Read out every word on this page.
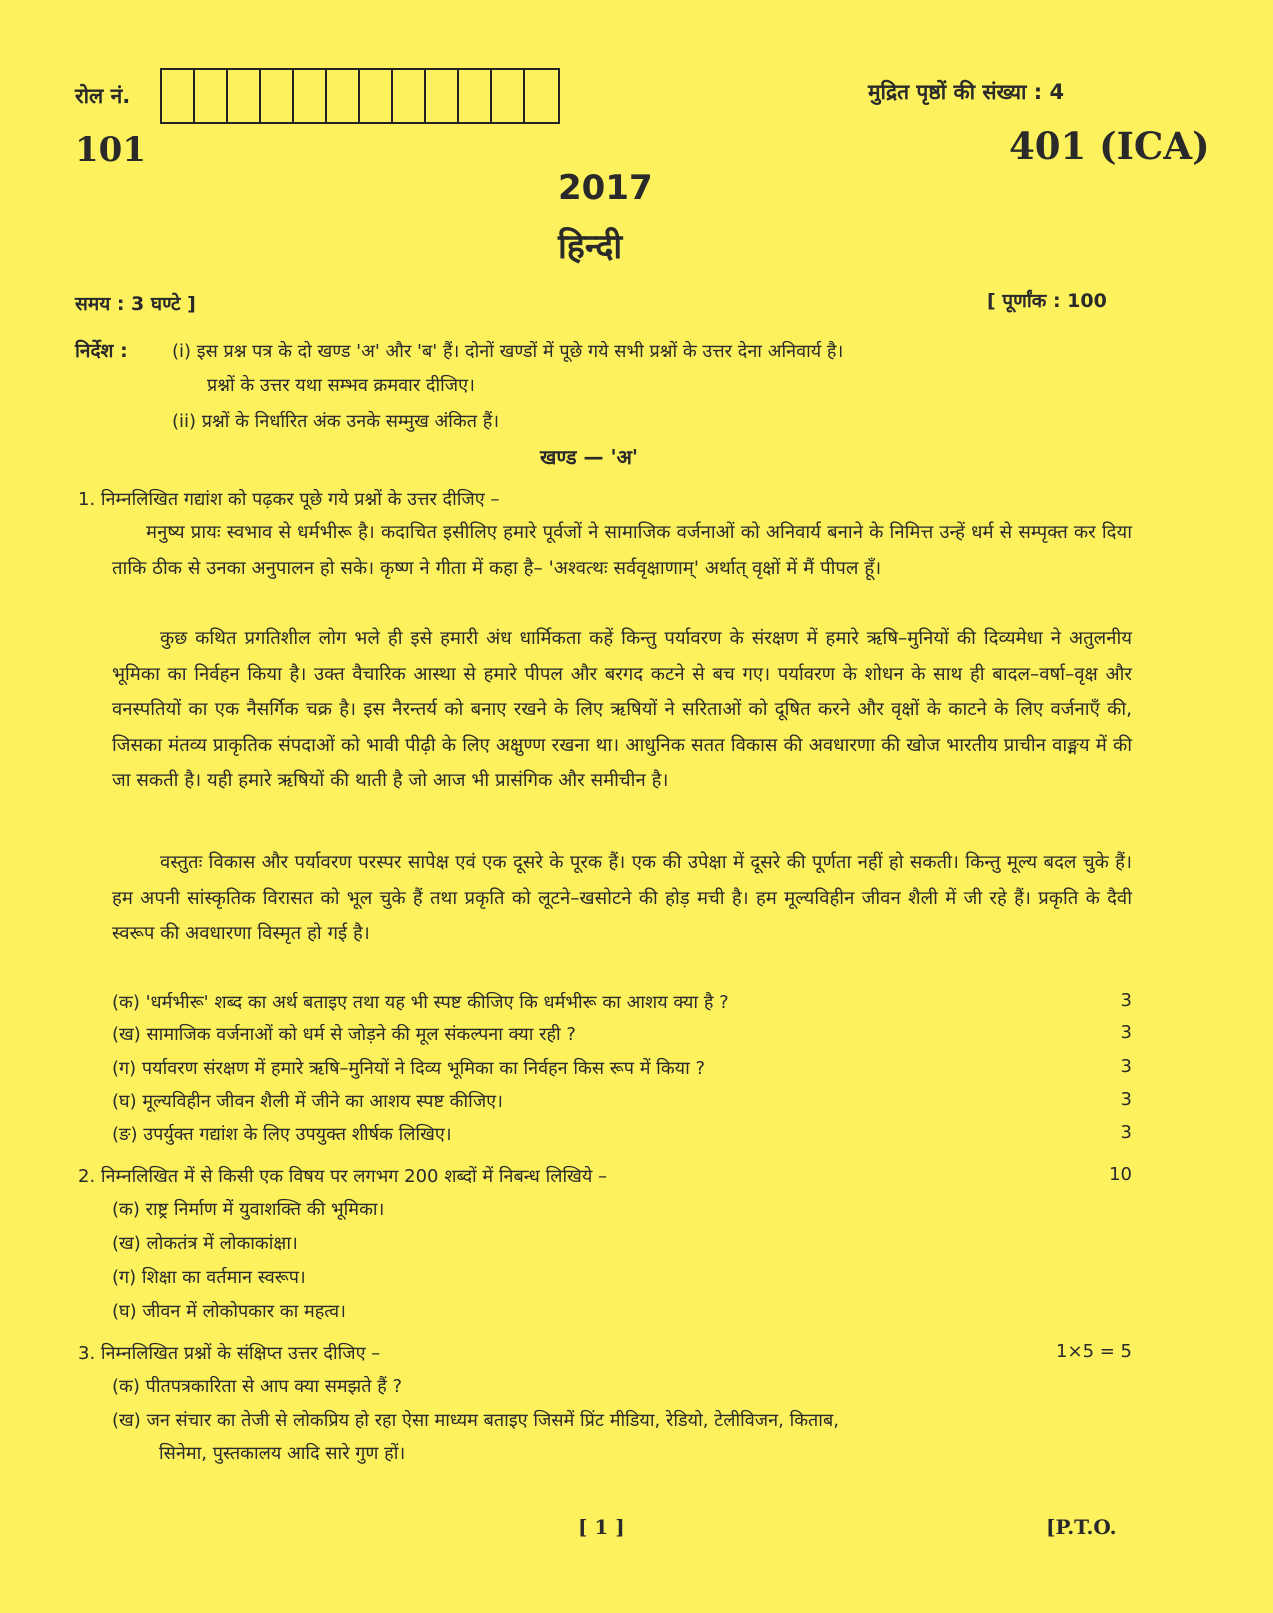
रोल नं.
101
मुद्रित पृष्ठों की संख्या : 4
401 (ICA)
2017
हिन्दी
समय : 3 घण्टे ]	[ पूर्णांक : 100
निर्देश : (i) इस प्रश्न पत्र के दो खण्ड 'अ' और 'ब' हैं। दोनों खण्डों में पूछे गये सभी प्रश्नों के उत्तर देना अनिवार्य है।
प्रश्नों के उत्तर यथा सम्भव क्रमवार दीजिए।
(ii) प्रश्नों के निर्धारित अंक उनके सम्मुख अंकित हैं।
खण्ड — 'अ'
1. निम्नलिखित गद्यांश को पढ़कर पूछे गये प्रश्नों के उत्तर दीजिए –
मनुष्य प्रायः स्वभाव से धर्मभीरू है। कदाचित इसीलिए हमारे पूर्वजों ने सामाजिक वर्जनाओं को अनिवार्य बनाने के निमित्त उन्हें धर्म से सम्पृक्त कर दिया ताकि ठीक से उनका अनुपालन हो सके। कृष्ण ने गीता में कहा है– 'अश्वत्थः सर्ववृक्षाणाम्' अर्थात् वृक्षों में मैं पीपल हूँ।
कुछ कथित प्रगतिशील लोग भले ही इसे हमारी अंध धार्मिकता कहें किन्तु पर्यावरण के संरक्षण में हमारे ऋषि–मुनियों की दिव्यमेधा ने अतुलनीय भूमिका का निर्वहन किया है। उक्त वैचारिक आस्था से हमारे पीपल और बरगद कटने से बच गए। पर्यावरण के शोधन के साथ ही बादल–वर्षा–वृक्ष और वनस्पतियों का एक नैसर्गिक चक्र है। इस नैरन्तर्य को बनाए रखने के लिए ऋषियों ने सरिताओं को दूषित करने और वृक्षों के काटने के लिए वर्जनाएँ की, जिसका मंतव्य प्राकृतिक संपदाओं को भावी पीढ़ी के लिए अक्षुण्ण रखना था। आधुनिक सतत विकास की अवधारणा की खोज भारतीय प्राचीन वाङ्मय में की जा सकती है। यही हमारे ऋषियों की थाती है जो आज भी प्रासंगिक और समीचीन है।
वस्तुतः विकास और पर्यावरण परस्पर सापेक्ष एवं एक दूसरे के पूरक हैं। एक की उपेक्षा में दूसरे की पूर्णता नहीं हो सकती। किन्तु मूल्य बदल चुके हैं। हम अपनी सांस्कृतिक विरासत को भूल चुके हैं तथा प्रकृति को लूटने–खसोटने की होड़ मची है। हम मूल्यविहीन जीवन शैली में जी रहे हैं। प्रकृति के दैवी स्वरूप की अवधारणा विस्मृत हो गई है।
(क) 'धर्मभीरू' शब्द का अर्थ बताइए तथा यह भी स्पष्ट कीजिए कि धर्मभीरू का आशय क्या है ?	3
(ख) सामाजिक वर्जनाओं को धर्म से जोड़ने की मूल संकल्पना क्या रही ?	3
(ग) पर्यावरण संरक्षण में हमारे ऋषि–मुनियों ने दिव्य भूमिका का निर्वहन किस रूप में किया ?	3
(घ) मूल्यविहीन जीवन शैली में जीने का आशय स्पष्ट कीजिए।	3
(ङ) उपर्युक्त गद्यांश के लिए उपयुक्त शीर्षक लिखिए।	3
2. निम्नलिखित में से किसी एक विषय पर लगभग 200 शब्दों में निबन्ध लिखिये –	10
(क) राष्ट्र निर्माण में युवाशक्ति की भूमिका।
(ख) लोकतंत्र में लोकाकांक्षा।
(ग) शिक्षा का वर्तमान स्वरूप।
(घ) जीवन में लोकोपकार का महत्व।
3. निम्नलिखित प्रश्नों के संक्षिप्त उत्तर दीजिए –	1×5 = 5
(क) पीतपत्रकारिता से आप क्या समझते हैं ?
(ख) जन संचार का तेजी से लोकप्रिय हो रहा ऐसा माध्यम बताइए जिसमें प्रिंट मीडिया, रेडियो, टेलीविजन, किताब,
सिनेमा, पुस्तकालय आदि सारे गुण हों।
[ 1 ]	[P.T.O.
